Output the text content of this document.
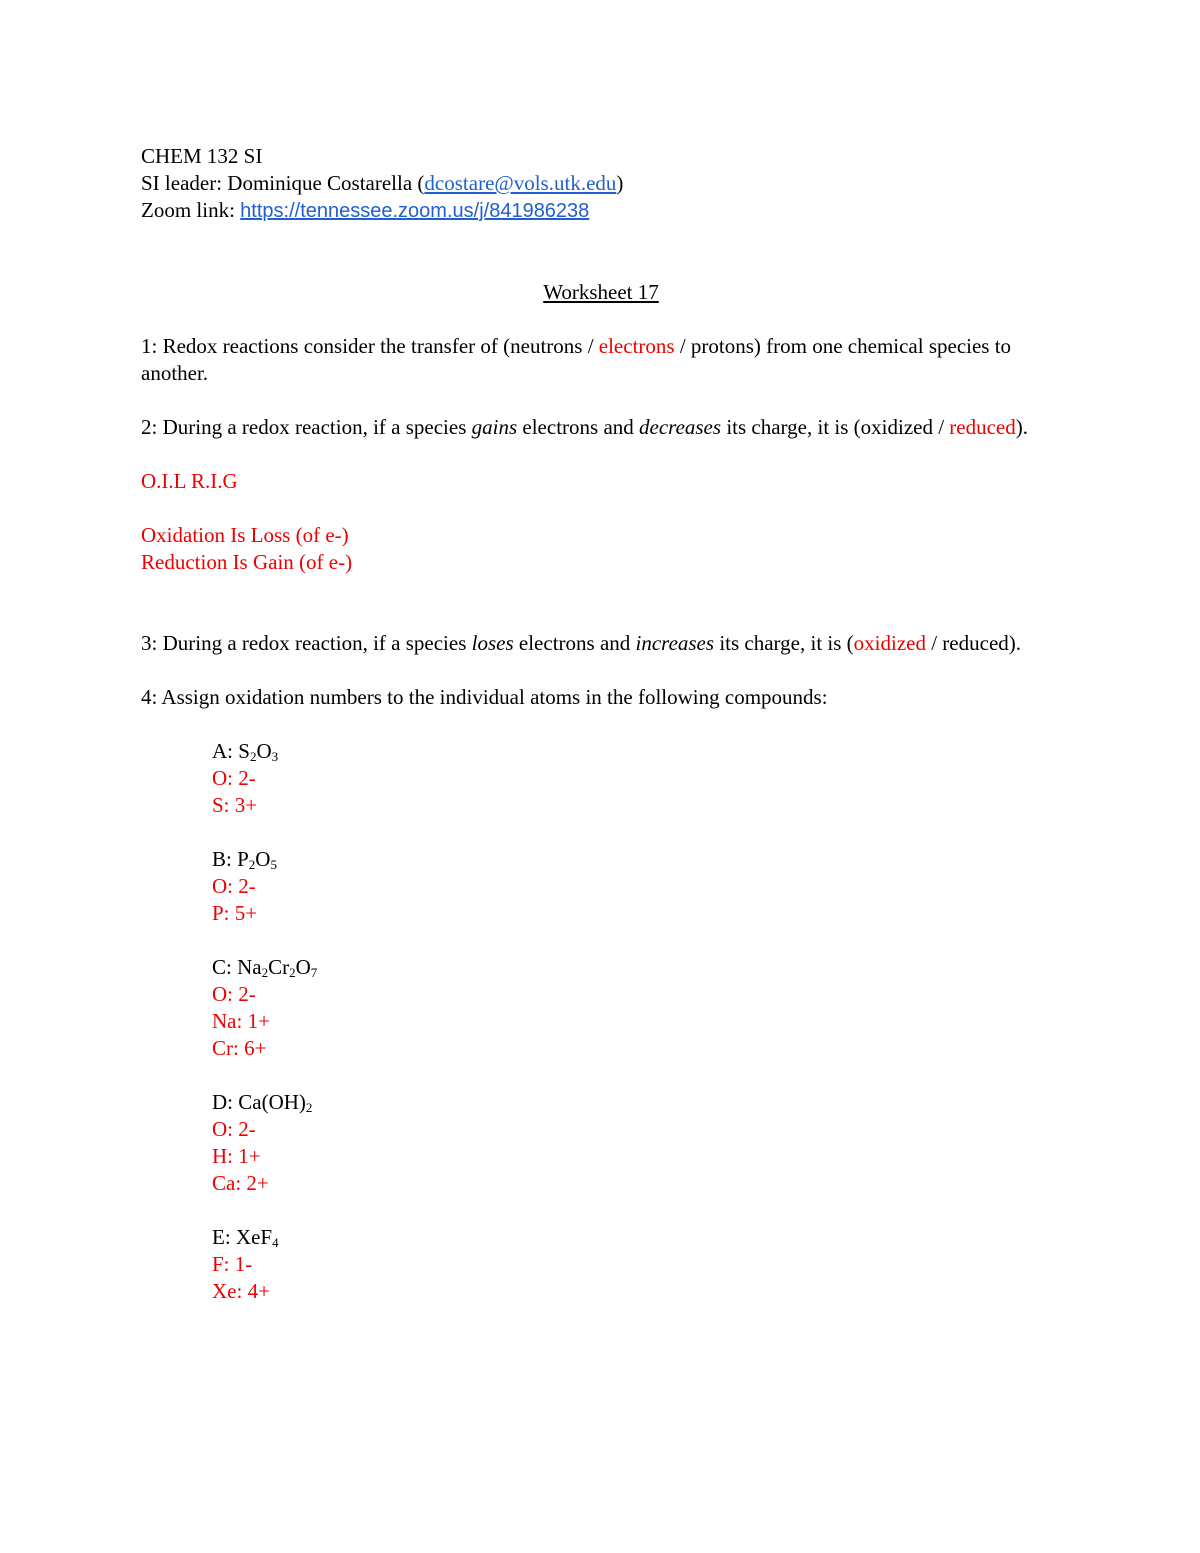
CHEM 132 SI
SI leader: Dominique Costarella (dcostare@vols.utk.edu)
Zoom link: https://tennessee.zoom.us/j/841986238
Worksheet 17
1: Redox reactions consider the transfer of (neutrons / electrons / protons) from one chemical species to another.
2: During a redox reaction, if a species gains electrons and decreases its charge, it is (oxidized / reduced).
O.I.L R.I.G
Oxidation Is Loss (of e-)
Reduction Is Gain (of e-)
3: During a redox reaction, if a species loses electrons and increases its charge, it is (oxidized / reduced).
4: Assign oxidation numbers to the individual atoms in the following compounds:
A: $S_2O_3$
O: 2-
S: 3+
B: $P_2O_5$
O: 2-
P: 5+
C: $Na_2Cr_2O_7$
O: 2-
Na: 1+
Cr: 6+
D: $Ca(OH)_2$
O: 2-
H: 1+
Ca: 2+
E: XeF$_4$
F: 1-
Xe: 4+
